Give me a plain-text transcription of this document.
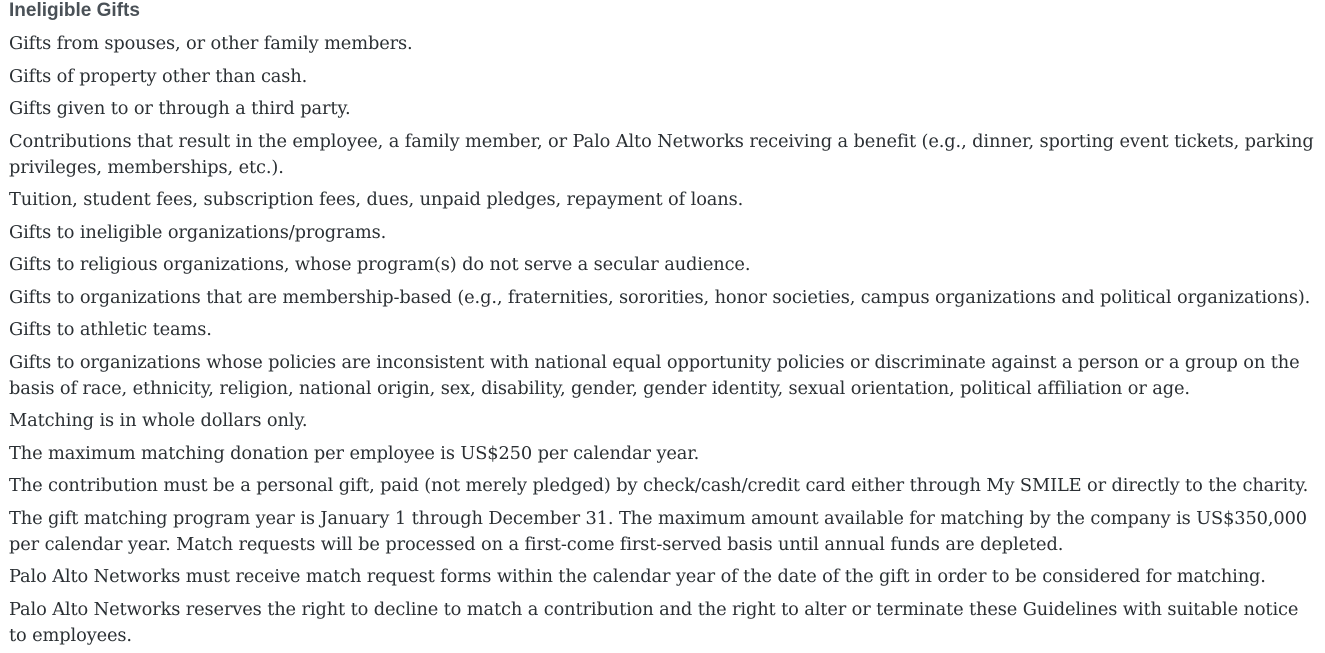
Ineligible Gifts

Gifts from spouses, or other family members.

Gifts of property other than cash.

Gifts given to or through a third party.

Contributions that result in the employee, a family member, or Palo Alto Networks receiving a benefit (e.g., dinner, sporting event tickets, parking privileges, memberships, etc.).

Tuition, student fees, subscription fees, dues, unpaid pledges, repayment of loans.

Gifts to ineligible organizations/programs.

Gifts to religious organizations, whose program(s) do not serve a secular audience.

Gifts to organizations that are membership-based (e.g., fraternities, sororities, honor societies, campus organizations and political organizations).

Gifts to athletic teams.

Gifts to organizations whose policies are inconsistent with national equal opportunity policies or discriminate against a person or a group on the basis of race, ethnicity, religion, national origin, sex, disability, gender, gender identity, sexual orientation, political affiliation or age.

Matching is in whole dollars only.

The maximum matching donation per employee is US$250 per calendar year.

The contribution must be a personal gift, paid (not merely pledged) by check/cash/credit card either through My SMILE or directly to the charity.

The gift matching program year is January 1 through December 31. The maximum amount available for matching by the company is US$350,000 per calendar year. Match requests will be processed on a first-come first-served basis until annual funds are depleted.

Palo Alto Networks must receive match request forms within the calendar year of the date of the gift in order to be considered for matching.

Palo Alto Networks reserves the right to decline to match a contribution and the right to alter or terminate these Guidelines with suitable notice to employees.
